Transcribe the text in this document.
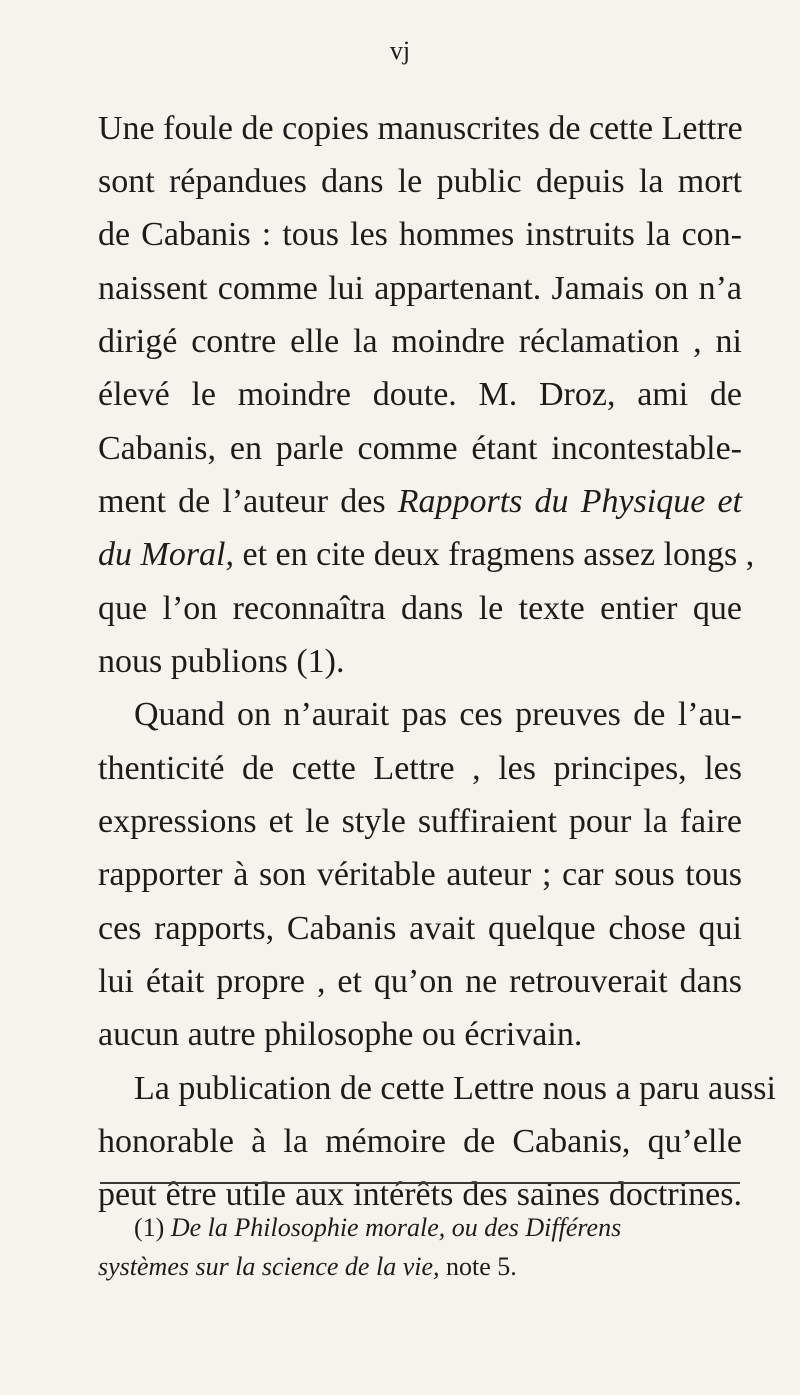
vj
Une foule de copies manuscrites de cette Lettre
sont répandues dans le public depuis la mort
de Cabanis : tous les hommes instruits la con-
naissent comme lui appartenant. Jamais on n’a
dirigé contre elle la moindre réclamation , ni
élevé le moindre doute. M. Droz, ami de
Cabanis, en parle comme étant incontestable-
ment de l’auteur des Rapports du Physique et
du Moral, et en cite deux fragmens assez longs ,
que l’on reconnaîtra dans le texte entier que
nous publions (1).
Quand on n’aurait pas ces preuves de l’au-
thenticité de cette Lettre , les principes, les
expressions et le style suffiraient pour la faire
rapporter à son véritable auteur ; car sous tous
ces rapports, Cabanis avait quelque chose qui
lui était propre , et qu’on ne retrouverait dans
aucun autre philosophe ou écrivain.
La publication de cette Lettre nous a paru aussi
honorable à la mémoire de Cabanis, qu’elle
peut être utile aux intérêts des saines doctrines.
(1) De la Philosophie morale, ou des Différens
systèmes sur la science de la vie, note 5.
